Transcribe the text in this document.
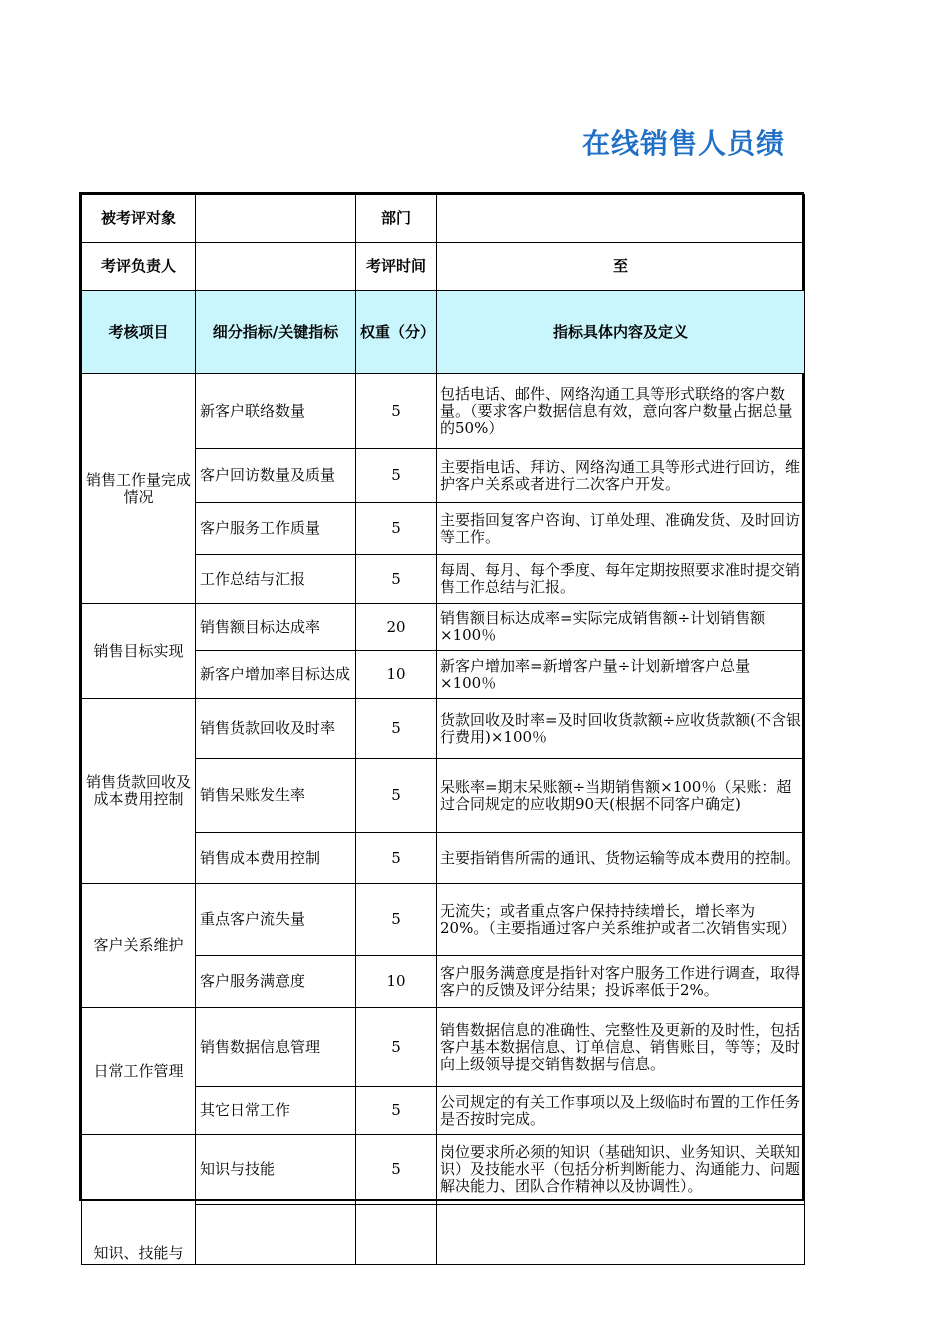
在线销售人员绩
被考评对象		部门	
考评负责人		考评时间	至
考核项目	细分指标/关键指标	权重（分）	指标具体内容及定义
销售工作量完成情况	新客户联络数量	5	包括电话、邮件、网络沟通工具等形式联络的客户数量。（要求客户数据信息有效，意向客户数量占据总量的50%）
	客户回访数量及质量	5	主要指电话、拜访、网络沟通工具等形式进行回访，维护客户关系或者进行二次客户开发。
	客户服务工作质量	5	主要指回复客户咨询、订单处理、准确发货、及时回访等工作。
	工作总结与汇报	5	每周、每月、每个季度、每年定期按照要求准时提交销售工作总结与汇报。
销售目标实现	销售额目标达成率	20	销售额目标达成率=实际完成销售额÷计划销售额×100％
	新客户增加率目标达成	10	新客户增加率=新增客户量÷计划新增客户总量×100％
销售货款回收及成本费用控制	销售货款回收及时率	5	货款回收及时率=及时回收货款额÷应收货款额(不含银行费用)×100％
	销售呆账发生率	5	呆账率=期末呆账额÷当期销售额×100％（呆账：超过合同规定的应收期90天(根据不同客户确定)
	销售成本费用控制	5	主要指销售所需的通讯、货物运输等成本费用的控制。
客户关系维护	重点客户流失量	5	无流失；或者重点客户保持持续增长，增长率为20%。（主要指通过客户关系维护或者二次销售实现）
	客户服务满意度	10	客户服务满意度是指针对客户服务工作进行调查，取得客户的反馈及评分结果；投诉率低于2%。
日常工作管理	销售数据信息管理	5	销售数据信息的准确性、完整性及更新的及时性，包括客户基本数据信息、订单信息、销售账目，等等；及时向上级领导提交销售数据与信息。
	其它日常工作	5	公司规定的有关工作事项以及上级临时布置的工作任务是否按时完成。
知识、技能与	知识与技能	5	岗位要求所必须的知识（基础知识、业务知识、关联知识）及技能水平（包括分析判断能力、沟通能力、问题解决能力、团队合作精神以及协调性）。
